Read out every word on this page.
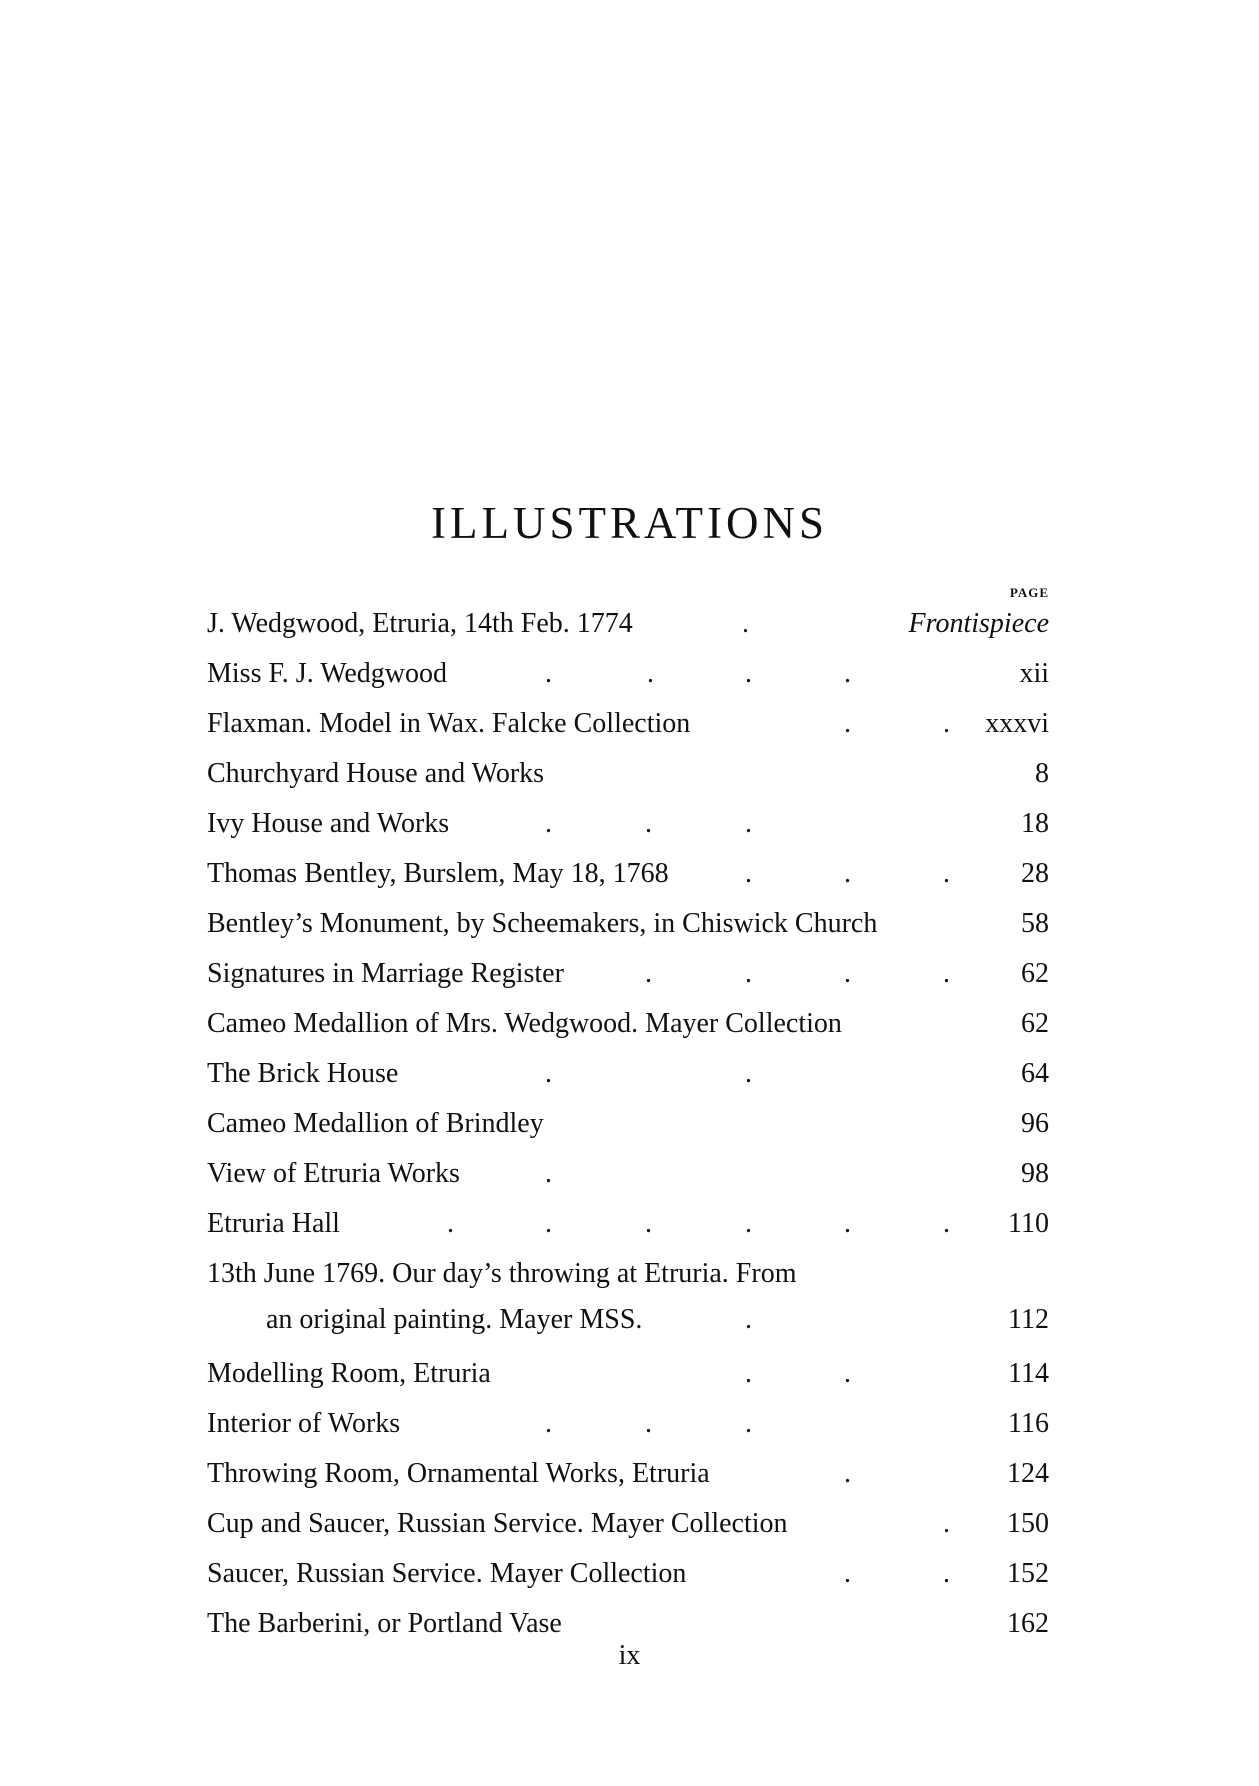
ILLUSTRATIONS
PAGE
J. Wedgwood, Etruria, 14th Feb. 1774	.	Frontispiece
Miss F. J. Wedgwood	.	.	.	.	xii
Flaxman. Model in Wax. Falcke Collection	.	. xxxvi
Churchyard House and Works	8
Ivy House and Works	.	.	.	18
Thomas Bentley, Burslem, May 18, 1768	.	.	.	28
Bentley’s Monument, by Scheemakers, in Chiswick Church	58
Signatures in Marriage Register	.	.	.	.	62
Cameo Medallion of Mrs. Wedgwood. Mayer Collection	62
The Brick House	.	.	64
Cameo Medallion of Brindley	96
View of Etruria Works	.	98
Etruria Hall	.	.	.	.	.	. 110
13th June 1769. Our day’s throwing at Etruria. From
an original painting. Mayer MSS.	.	112
Modelling Room, Etruria	.	.	114
Interior of Works	.	.	.	116
Throwing Room, Ornamental Works, Etruria	.	124
Cup and Saucer, Russian Service. Mayer Collection	. 150
Saucer, Russian Service. Mayer Collection	.	. 152
The Barberini, or Portland Vase	162
ix
